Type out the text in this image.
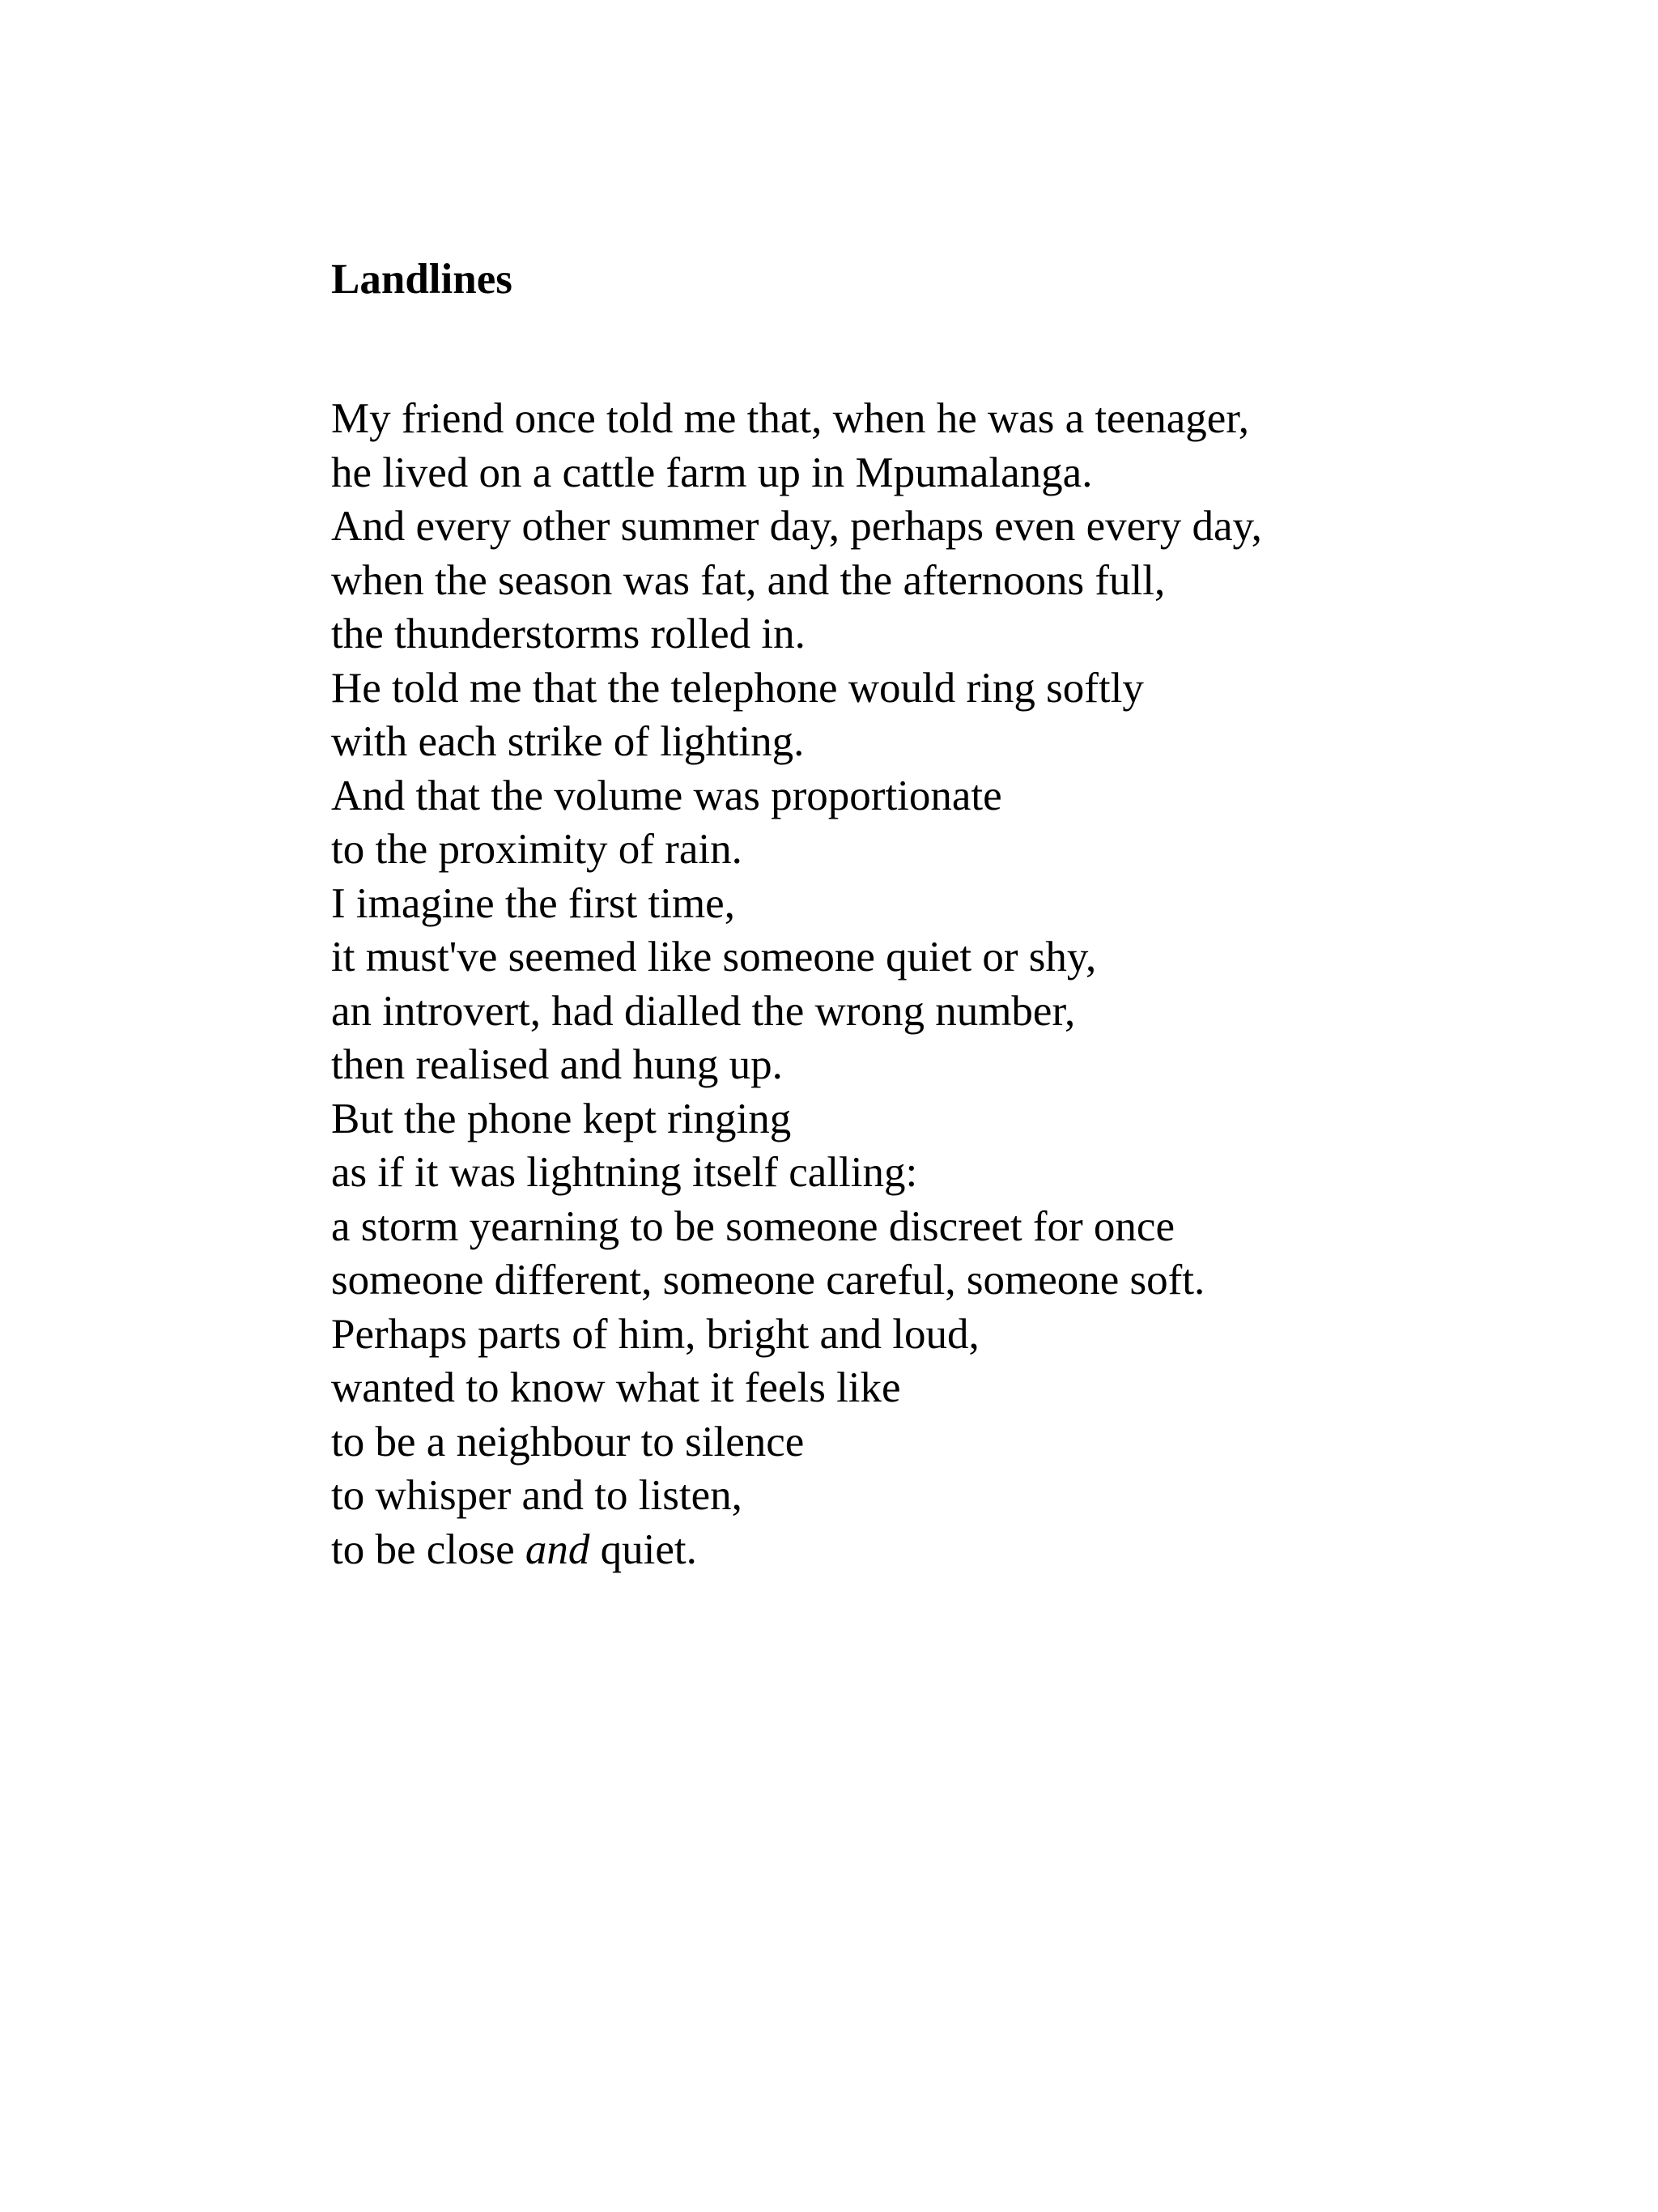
Landlines

My friend once told me that, when he was a teenager,

he lived on a cattle farm up in Mpumalanga.

And every other summer day, perhaps even every day,

when the season was fat, and the afternoons full,

the thunderstorms rolled in.

He told me that the telephone would ring softly

with each strike of lighting.

And that the volume was proportionate

to the proximity of rain.

I imagine the first time,

it must've seemed like someone quiet or shy,

an introvert, had dialled the wrong number,

then realised and hung up.

But the phone kept ringing

as if it was lightning itself calling:

a storm yearning to be someone discreet for once

someone different, someone careful, someone soft.

Perhaps parts of him, bright and loud,

wanted to know what it feels like

to be a neighbour to silence

to whisper and to listen,

to be close and quiet.
